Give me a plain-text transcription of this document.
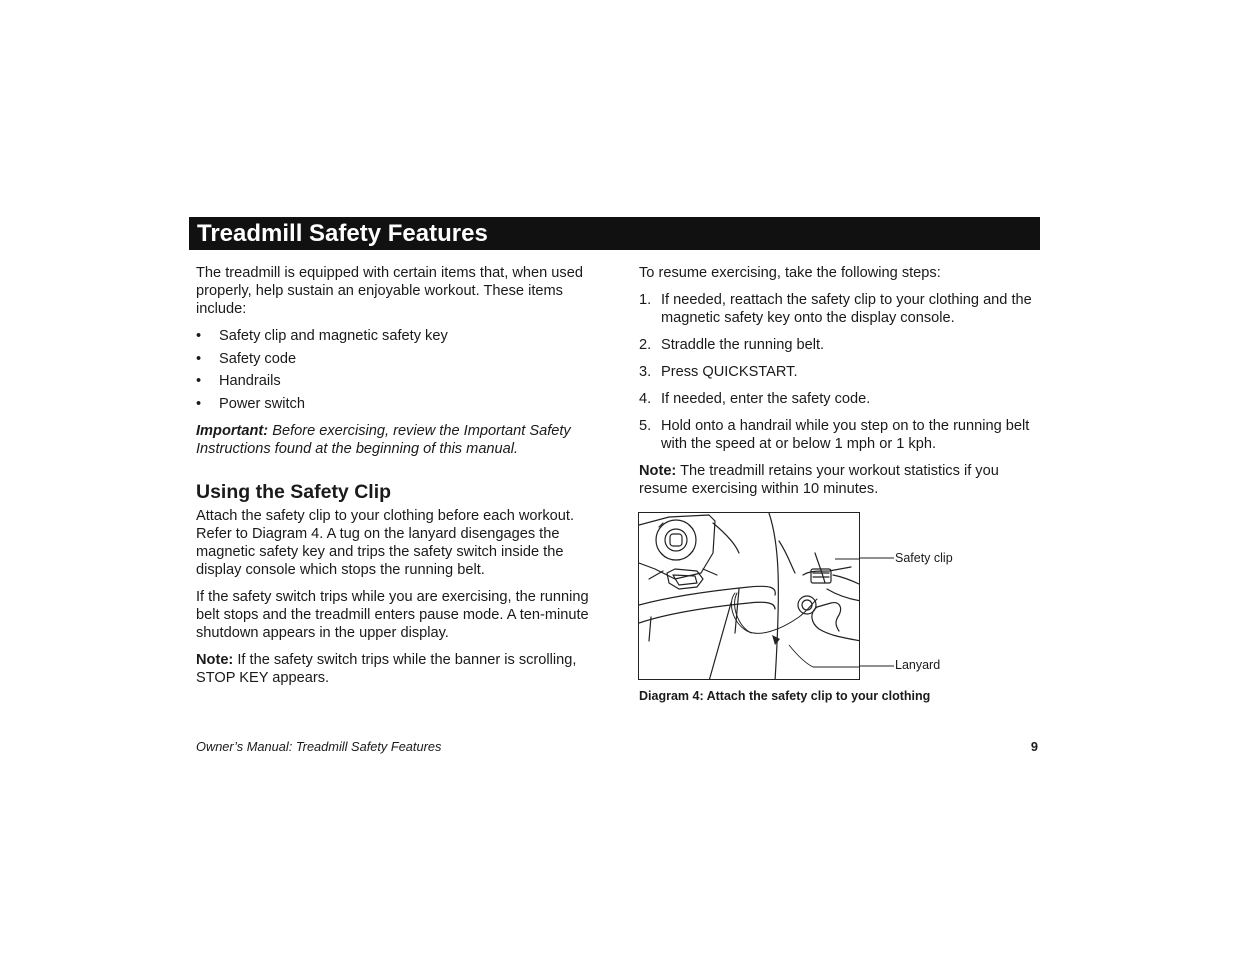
Treadmill Safety Features

The treadmill is equipped with certain items that, when used properly, help sustain an enjoyable workout. These items include:

• Safety clip and magnetic safety key
• Safety code
• Handrails
• Power switch

Important: Before exercising, review the Important Safety Instructions found at the beginning of this manual.

Using the Safety Clip

Attach the safety clip to your clothing before each workout. Refer to Diagram 4. A tug on the lanyard disengages the magnetic safety key and trips the safety switch inside the display console which stops the running belt.

If the safety switch trips while you are exercising, the running belt stops and the treadmill enters pause mode. A ten-minute shutdown appears in the upper display.

Note: If the safety switch trips while the banner is scrolling, STOP KEY appears.

To resume exercising, take the following steps:

1. If needed, reattach the safety clip to your clothing and the magnetic safety key onto the display console.
2. Straddle the running belt.
3. Press QUICKSTART.
4. If needed, enter the safety code.
5. Hold onto a handrail while you step on to the running belt with the speed at or below 1 mph or 1 kph.

Note: The treadmill retains your workout statistics if you resume exercising within 10 minutes.

Safety clip
Lanyard
Diagram 4: Attach the safety clip to your clothing
Owner’s Manual: Treadmill Safety Features	9
